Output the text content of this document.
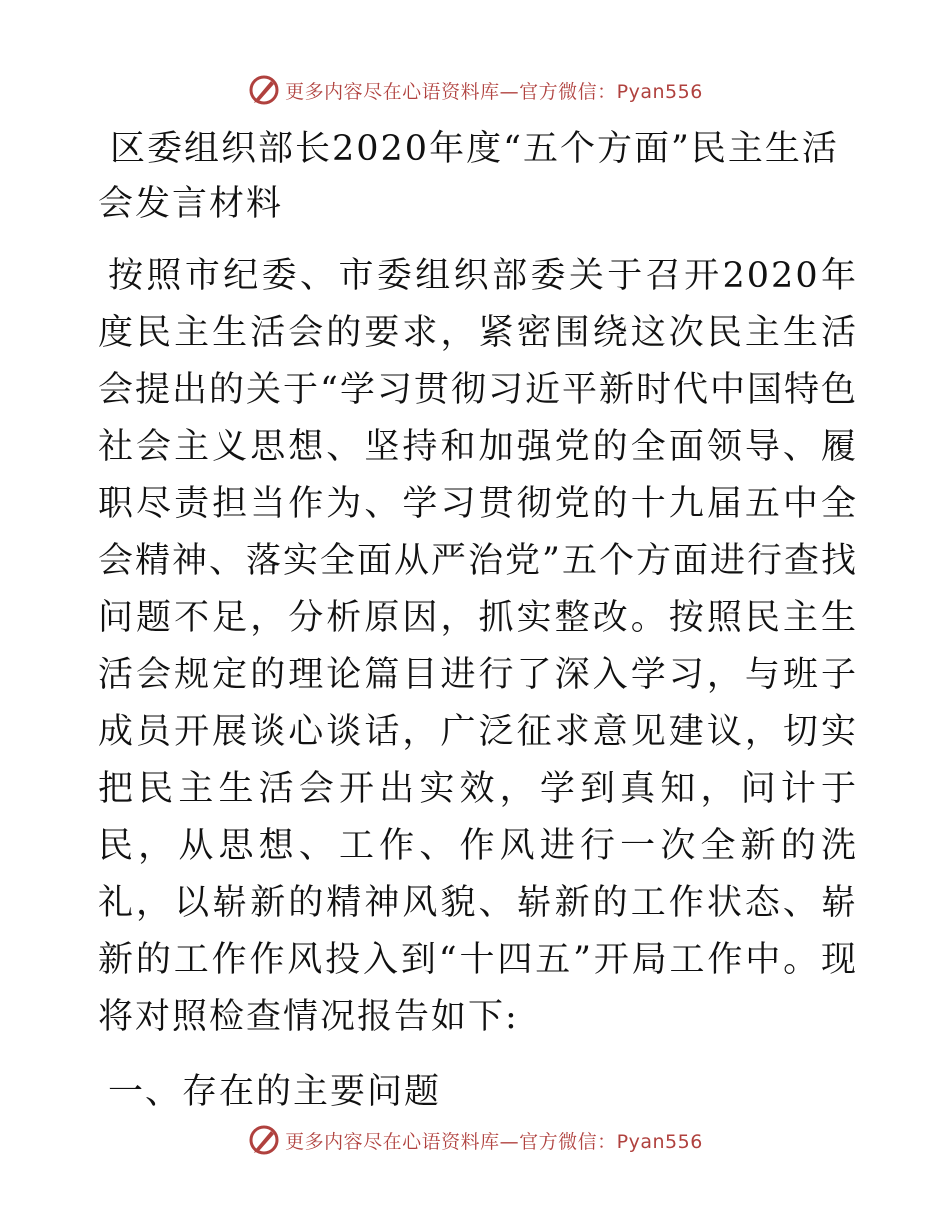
更多内容尽在心语资料库—官方微信：Pyan556
区委组织部长2020年度“五个方面”民主生活会发言材料

按照市纪委、市委组织部委关于召开2020年度民主生活会的要求，紧密围绕这次民主生活会提出的关于“学习贯彻习近平新时代中国特色社会主义思想、坚持和加强党的全面领导、履职尽责担当作为、学习贯彻党的十九届五中全会精神、落实全面从严治党”五个方面进行查找问题不足，分析原因，抓实整改。按照民主生活会规定的理论篇目进行了深入学习，与班子成员开展谈心谈话，广泛征求意见建议，切实把民主生活会开出实效，学到真知，问计于民，从思想、工作、作风进行一次全新的洗礼，以崭新的精神风貌、崭新的工作状态、崭新的工作作风投入到“十四五”开局工作中。现将对照检查情况报告如下:

一、存在的主要问题
更多内容尽在心语资料库—官方微信：Pyan556
